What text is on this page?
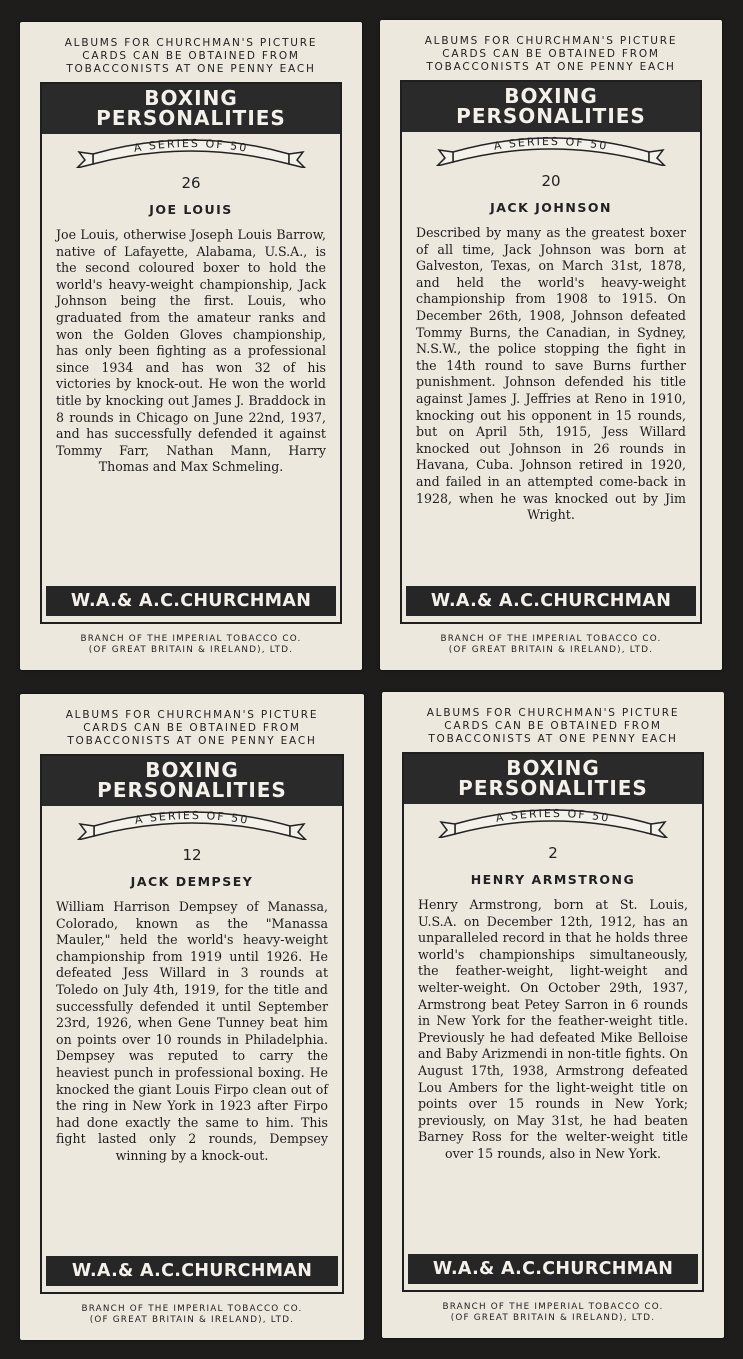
ALBUMS FOR CHURCHMAN'S PICTURE
CARDS CAN BE OBTAINED FROM
TOBACCONISTS AT ONE PENNY EACH
BOXING
PERSONALITIES
A SERIES OF 50
26
JOE LOUIS
Joe Louis, otherwise Joseph Louis Barrow, native of Lafayette, Alabama, U.S.A., is the second coloured boxer to hold the world's heavy-weight championship, Jack Johnson being the first. Louis, who graduated from the amateur ranks and won the Golden Gloves championship, has only been fighting as a professional since 1934 and has won 32 of his victories by knock-out. He won the world title by knocking out James J. Braddock in 8 rounds in Chicago on June 22nd, 1937, and has successfully defended it against Tommy Farr, Nathan Mann, Harry Thomas and Max Schmeling.
W.A.& A.C.CHURCHMAN
BRANCH OF THE IMPERIAL TOBACCO CO.
(OF GREAT BRITAIN & IRELAND), LTD.
ALBUMS FOR CHURCHMAN'S PICTURE
CARDS CAN BE OBTAINED FROM
TOBACCONISTS AT ONE PENNY EACH
BOXING
PERSONALITIES
A SERIES OF 50
20
JACK JOHNSON
Described by many as the greatest boxer of all time, Jack Johnson was born at Galveston, Texas, on March 31st, 1878, and held the world's heavy-weight championship from 1908 to 1915. On December 26th, 1908, Johnson defeated Tommy Burns, the Canadian, in Sydney, N.S.W., the police stopping the fight in the 14th round to save Burns further punishment. Johnson defended his title against James J. Jeffries at Reno in 1910, knocking out his opponent in 15 rounds, but on April 5th, 1915, Jess Willard knocked out Johnson in 26 rounds in Havana, Cuba. Johnson retired in 1920, and failed in an attempted come-back in 1928, when he was knocked out by Jim Wright.
W.A.& A.C.CHURCHMAN
BRANCH OF THE IMPERIAL TOBACCO CO.
(OF GREAT BRITAIN & IRELAND), LTD.
ALBUMS FOR CHURCHMAN'S PICTURE
CARDS CAN BE OBTAINED FROM
TOBACCONISTS AT ONE PENNY EACH
BOXING
PERSONALITIES
A SERIES OF 50
12
JACK DEMPSEY
William Harrison Dempsey of Manassa, Colorado, known as the "Manassa Mauler," held the world's heavy-weight championship from 1919 until 1926. He defeated Jess Willard in 3 rounds at Toledo on July 4th, 1919, for the title and successfully defended it until September 23rd, 1926, when Gene Tunney beat him on points over 10 rounds in Philadelphia. Dempsey was reputed to carry the heaviest punch in professional boxing. He knocked the giant Louis Firpo clean out of the ring in New York in 1923 after Firpo had done exactly the same to him. This fight lasted only 2 rounds, Dempsey winning by a knock-out.
W.A.& A.C.CHURCHMAN
BRANCH OF THE IMPERIAL TOBACCO CO.
(OF GREAT BRITAIN & IRELAND), LTD.
ALBUMS FOR CHURCHMAN'S PICTURE
CARDS CAN BE OBTAINED FROM
TOBACCONISTS AT ONE PENNY EACH
BOXING
PERSONALITIES
A SERIES OF 50
2
HENRY ARMSTRONG
Henry Armstrong, born at St. Louis, U.S.A. on December 12th, 1912, has an unparalleled record in that he holds three world's championships simultaneously, the feather-weight, light-weight and welter-weight. On October 29th, 1937, Armstrong beat Petey Sarron in 6 rounds in New York for the feather-weight title. Previously he had defeated Mike Belloise and Baby Arizmendi in non-title fights. On August 17th, 1938, Armstrong defeated Lou Ambers for the light-weight title on points over 15 rounds in New York; previously, on May 31st, he had beaten Barney Ross for the welter-weight title over 15 rounds, also in New York.
W.A.& A.C.CHURCHMAN
BRANCH OF THE IMPERIAL TOBACCO CO.
(OF GREAT BRITAIN & IRELAND), LTD.
